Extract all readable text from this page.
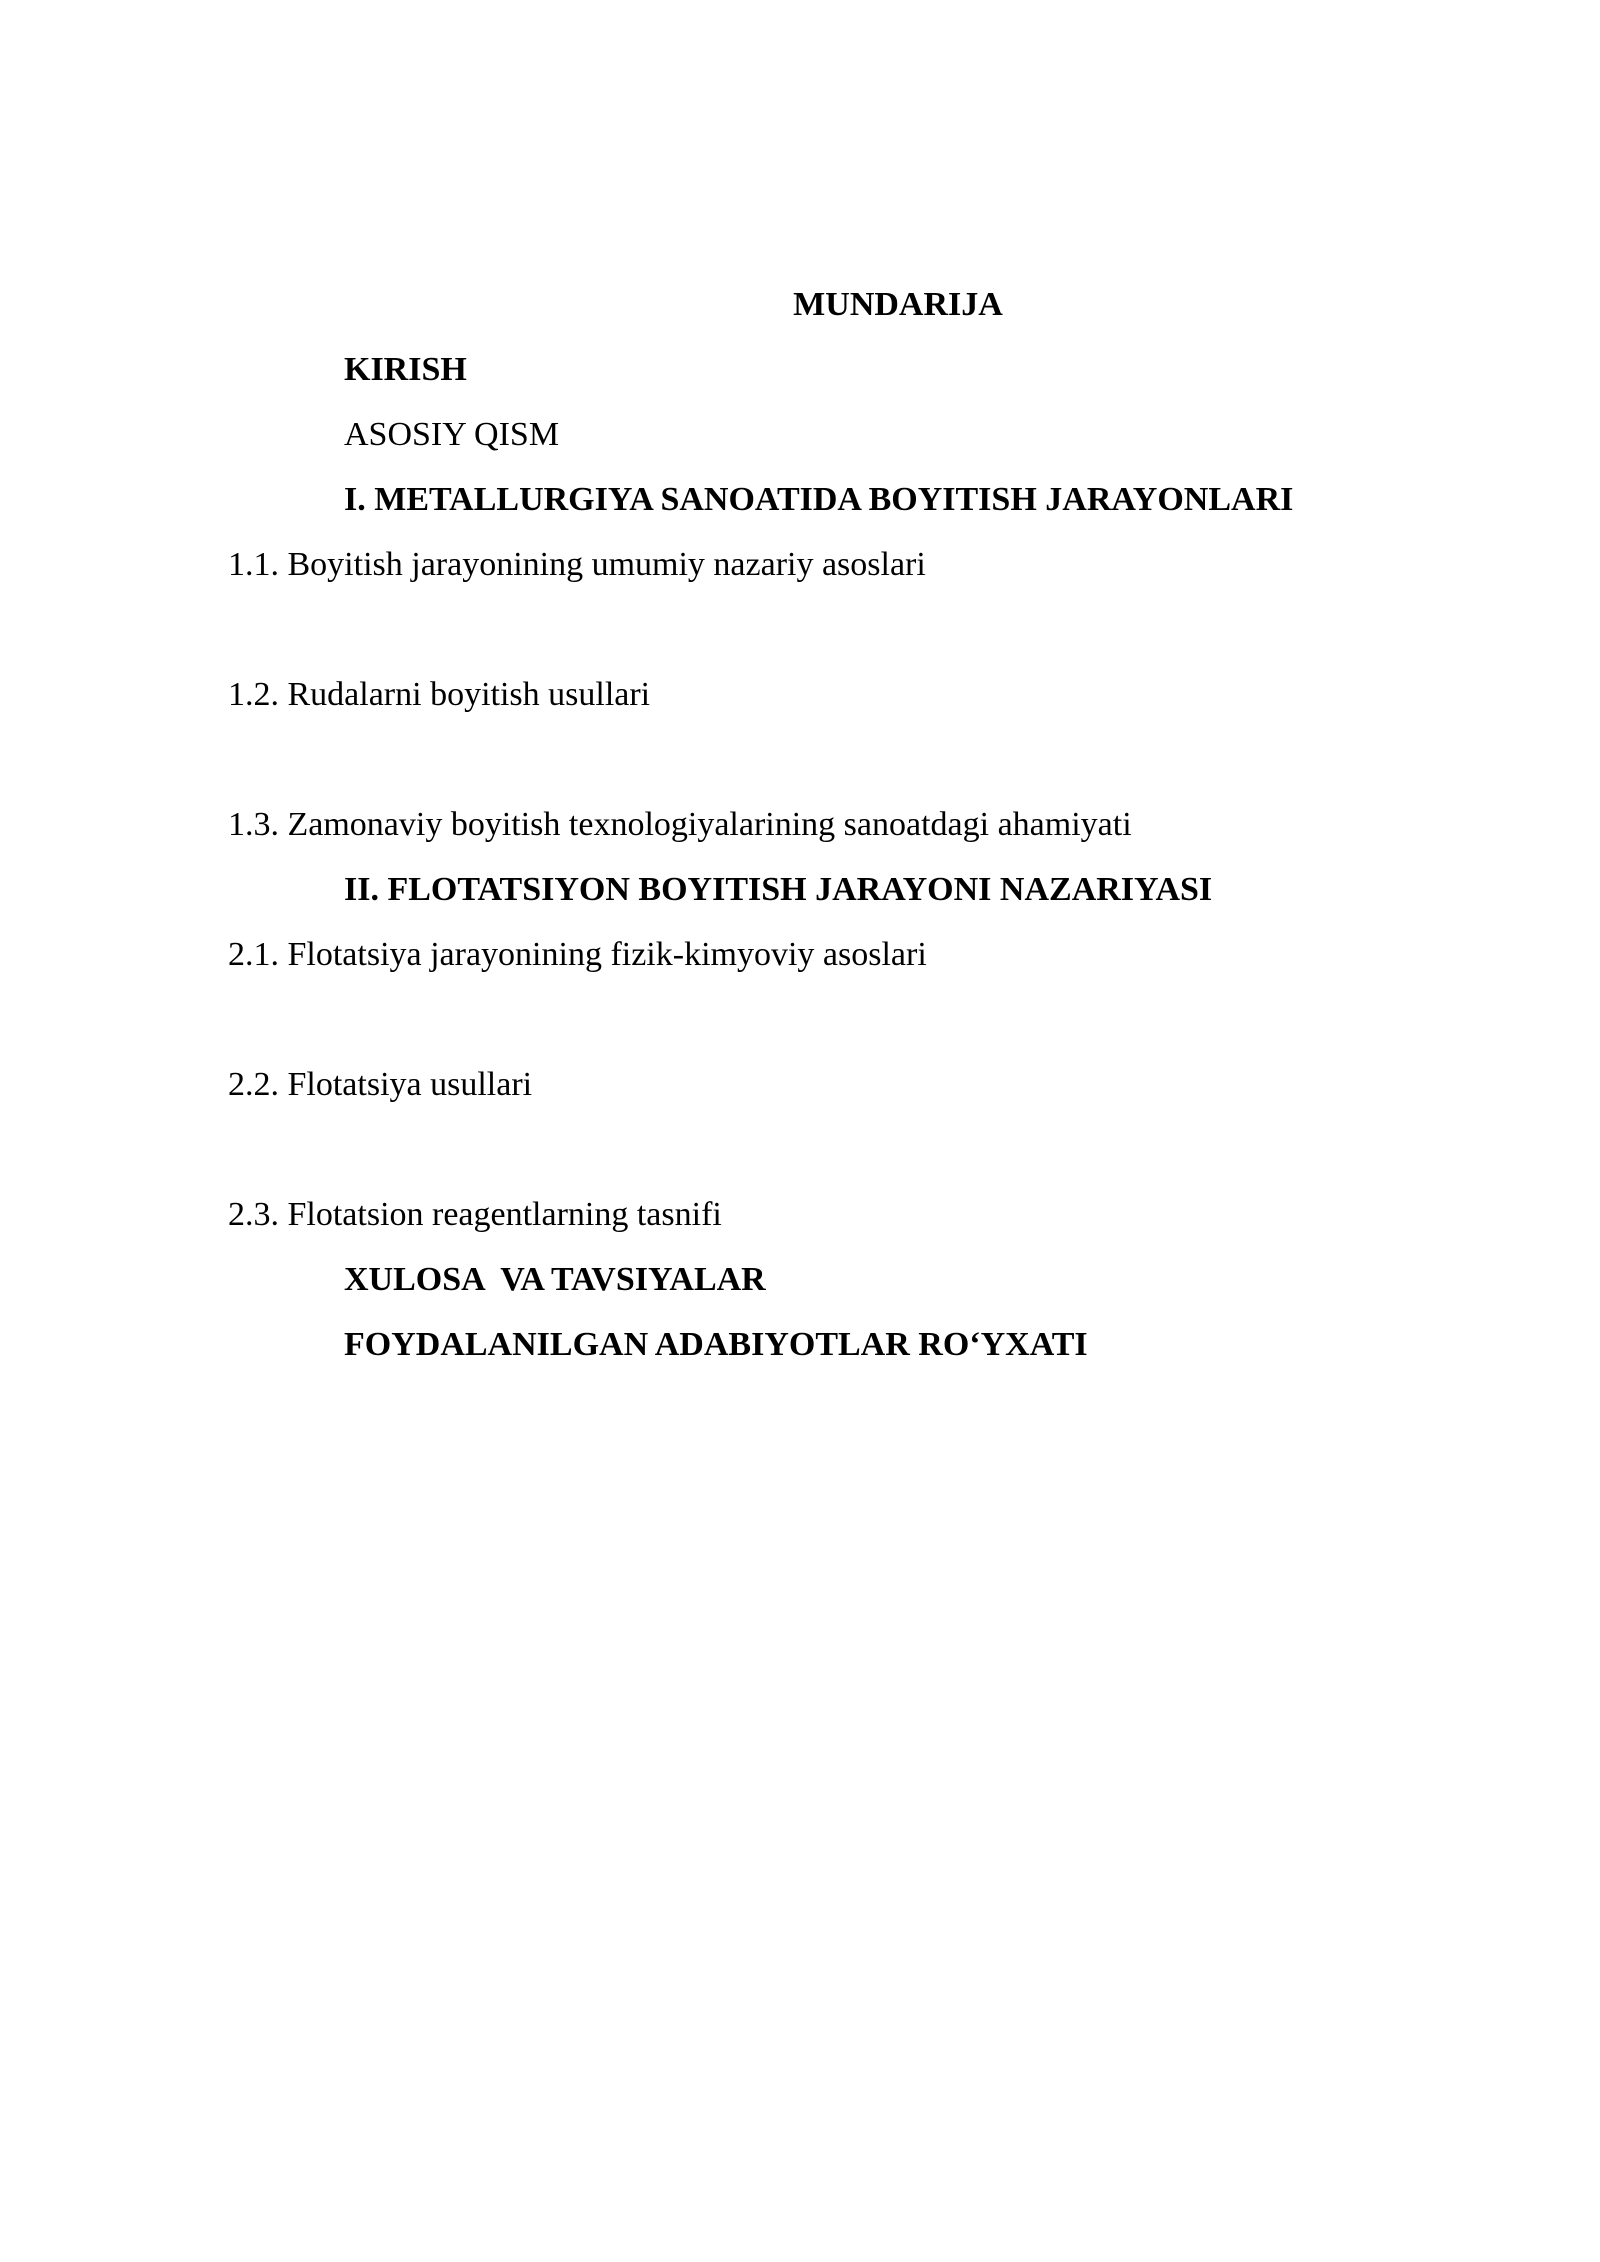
MUNDARIJA
KIRISH
ASOSIY QISM
I. METALLURGIYA SANOATIDA BOYITISH JARAYONLARI
1.1. Boyitish jarayonining umumiy nazariy asoslari
1.2. Rudalarni boyitish usullari
1.3. Zamonaviy boyitish texnologiyalarining sanoatdagi ahamiyati
II. FLOTATSIYON BOYITISH JARAYONI NAZARIYASI
2.1. Flotatsiya jarayonining fizik-kimyoviy asoslari
2.2. Flotatsiya usullari
2.3. Flotatsion reagentlarning tasnifi
XULOSA  VA TAVSIYALAR
FOYDALANILGAN ADABIYOTLAR RO‘YXATI
